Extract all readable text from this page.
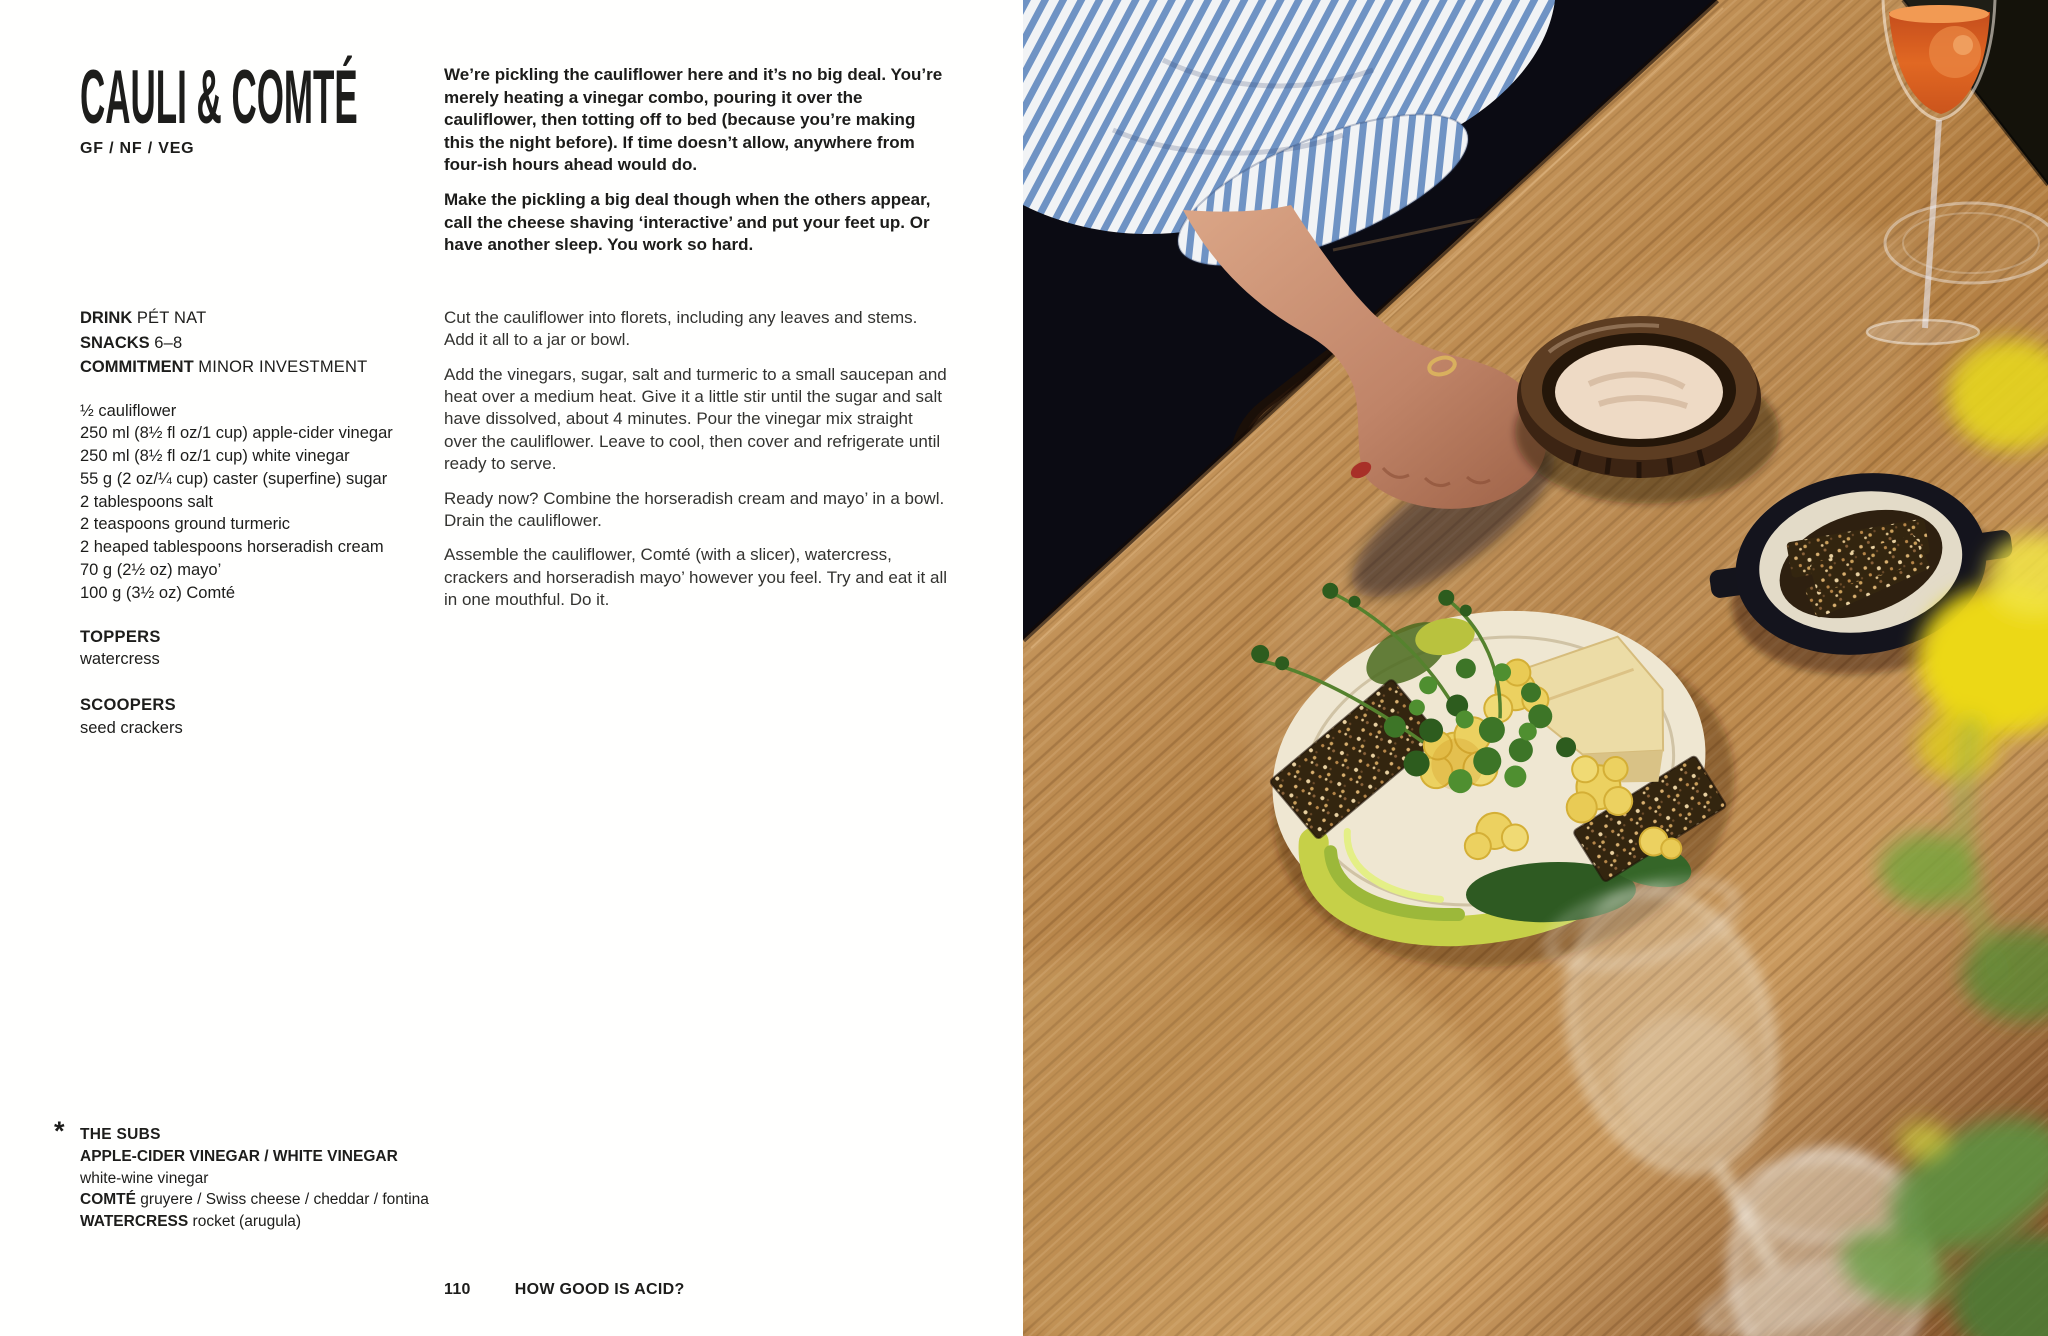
CAULI & COMTÉ
GF / NF / VEG
DRINK PÉT NAT
SNACKS 6–8
COMMITMENT MINOR INVESTMENT
½ cauliflower
250 ml (8½ fl oz/1 cup) apple-cider vinegar
250 ml (8½ fl oz/1 cup) white vinegar
55 g (2 oz/¼ cup) caster (superfine) sugar
2 tablespoons salt
2 teaspoons ground turmeric
2 heaped tablespoons horseradish cream
70 g (2½ oz) mayo’
100 g (3½ oz) Comté
TOPPERS
watercress
SCOOPERS
seed crackers
* THE SUBS
APPLE-CIDER VINEGAR / WHITE VINEGAR
white-wine vinegar
COMTÉ gruyere / Swiss cheese / cheddar / fontina
WATERCRESS rocket (arugula)

We’re pickling the cauliflower here and it’s no big deal. You’re merely heating a vinegar combo, pouring it over the cauliflower, then totting off to bed (because you’re making this the night before). If time doesn’t allow, anywhere from four-ish hours ahead would do.

Make the pickling a big deal though when the others appear, call the cheese shaving ‘interactive’ and put your feet up. Or have another sleep. You work so hard.

Cut the cauliflower into florets, including any leaves and stems. Add it all to a jar or bowl.

Add the vinegars, sugar, salt and turmeric to a small saucepan and heat over a medium heat. Give it a little stir until the sugar and salt have dissolved, about 4 minutes. Pour the vinegar mix straight over the cauliflower. Leave to cool, then cover and refrigerate until ready to serve.

Ready now? Combine the horseradish cream and mayo’ in a bowl. Drain the cauliflower.

Assemble the cauliflower, Comté (with a slicer), watercress, crackers and horseradish mayo’ however you feel. Try and eat it all in one mouthful. Do it.

110	HOW GOOD IS ACID?
